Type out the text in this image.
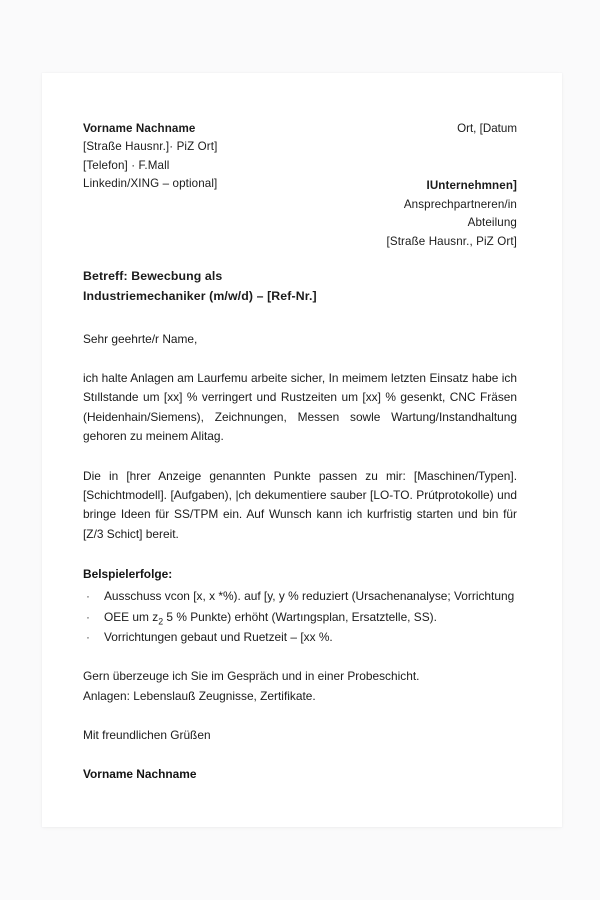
Vorname Nachname
[Straße Hausnr.]· PiZ Ort]
[Telefon] · F.Mall
Linkedin/XING – optional]
Ort, [Datum
IUnternehmnen]
Ansprechpartneren/in
Abteilung
[Straße Hausnr., PiZ Ort]
Betreff: Bewecbung als
Industriemechaniker (m/w/d) – [Ref-Nr.]
Sehr geehrte/r Name,

ich halte Anlagen am Laurfemu arbeite sicher, In meimem letzten Einsatz habe ich Stıllstande um [xx] % verringert und Rustzeiten um [xx] % gesenkt, CNC Fräsen (Heidenhain/Siemens), Zeichnungen, Messen sowle Wartung/Instandhaltung gehoren zu meinem Alitag.

Die in [hrer Anzeige genannten Punkte passen zu mir: [Maschinen/Typen]. [Schichtmodell]. [Aufgaben), |ch dekumentiere sauber [LO-TO. Prútprotokolle) und bringe Ideen für SS/TPM ein. Auf Wunsch kann ich kurfristig starten und bin für [Z/3 Schict] bereit.

Belspielerfolge:
· Ausschuss vcon [x, x *%). auf [y, y % reduziert (Ursachenanalyse; Vorrichtung
· OEE um $z_2$ 5 % Punkte) erhöht (Wartıngsplan, Ersatztelle, SS).
· Vorrichtungen gebaut und Ruetzeit – [xx %.
Gern überzeuge ich Sie im Gespräch und in einer Probeschicht.
Anlagen: Lebenslauß Zeugnisse, Zertifikate.
Mit freundlichen Grüßen
Vorname Nachname
